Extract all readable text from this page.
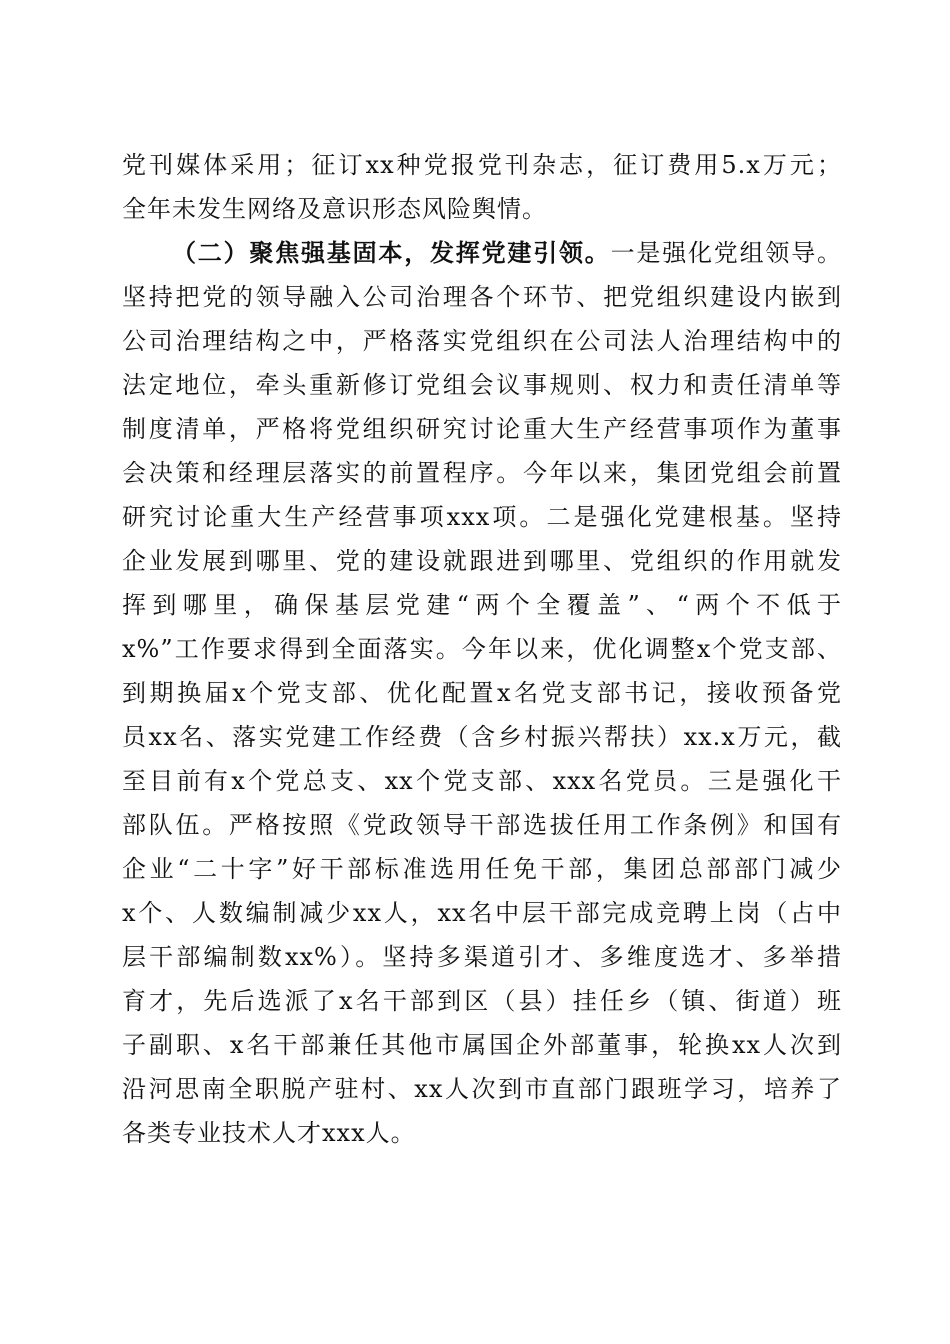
党刊媒体采用；征订xx种党报党刊杂志，征订费用5.x万元；
全年未发生网络及意识形态风险舆情。
（二）聚焦强基固本，发挥党建引领。一是强化党组领导。
坚持把党的领导融入公司治理各个环节、把党组织建设内嵌到
公司治理结构之中，严格落实党组织在公司法人治理结构中的
法定地位，牵头重新修订党组会议事规则、权力和责任清单等
制度清单，严格将党组织研究讨论重大生产经营事项作为董事
会决策和经理层落实的前置程序。今年以来，集团党组会前置
研究讨论重大生产经营事项xxx项。二是强化党建根基。坚持
企业发展到哪里、党的建设就跟进到哪里、党组织的作用就发
挥到哪里，确保基层党建“两个全覆盖”、“两个不低于
x%”工作要求得到全面落实。今年以来，优化调整x个党支部、
到期换届x个党支部、优化配置x名党支部书记，接收预备党
员xx名、落实党建工作经费（含乡村振兴帮扶）xx.x万元，截
至目前有x个党总支、xx个党支部、xxx名党员。三是强化干
部队伍。严格按照《党政领导干部选拔任用工作条例》和国有
企业“二十字”好干部标准选用任免干部，集团总部部门减少
x个、人数编制减少xx人，xx名中层干部完成竞聘上岗（占中
层干部编制数xx%）。坚持多渠道引才、多维度选才、多举措
育才，先后选派了x名干部到区（县）挂任乡（镇、街道）班
子副职、x名干部兼任其他市属国企外部董事，轮换xx人次到
沿河思南全职脱产驻村、xx人次到市直部门跟班学习，培养了
各类专业技术人才xxx人。
